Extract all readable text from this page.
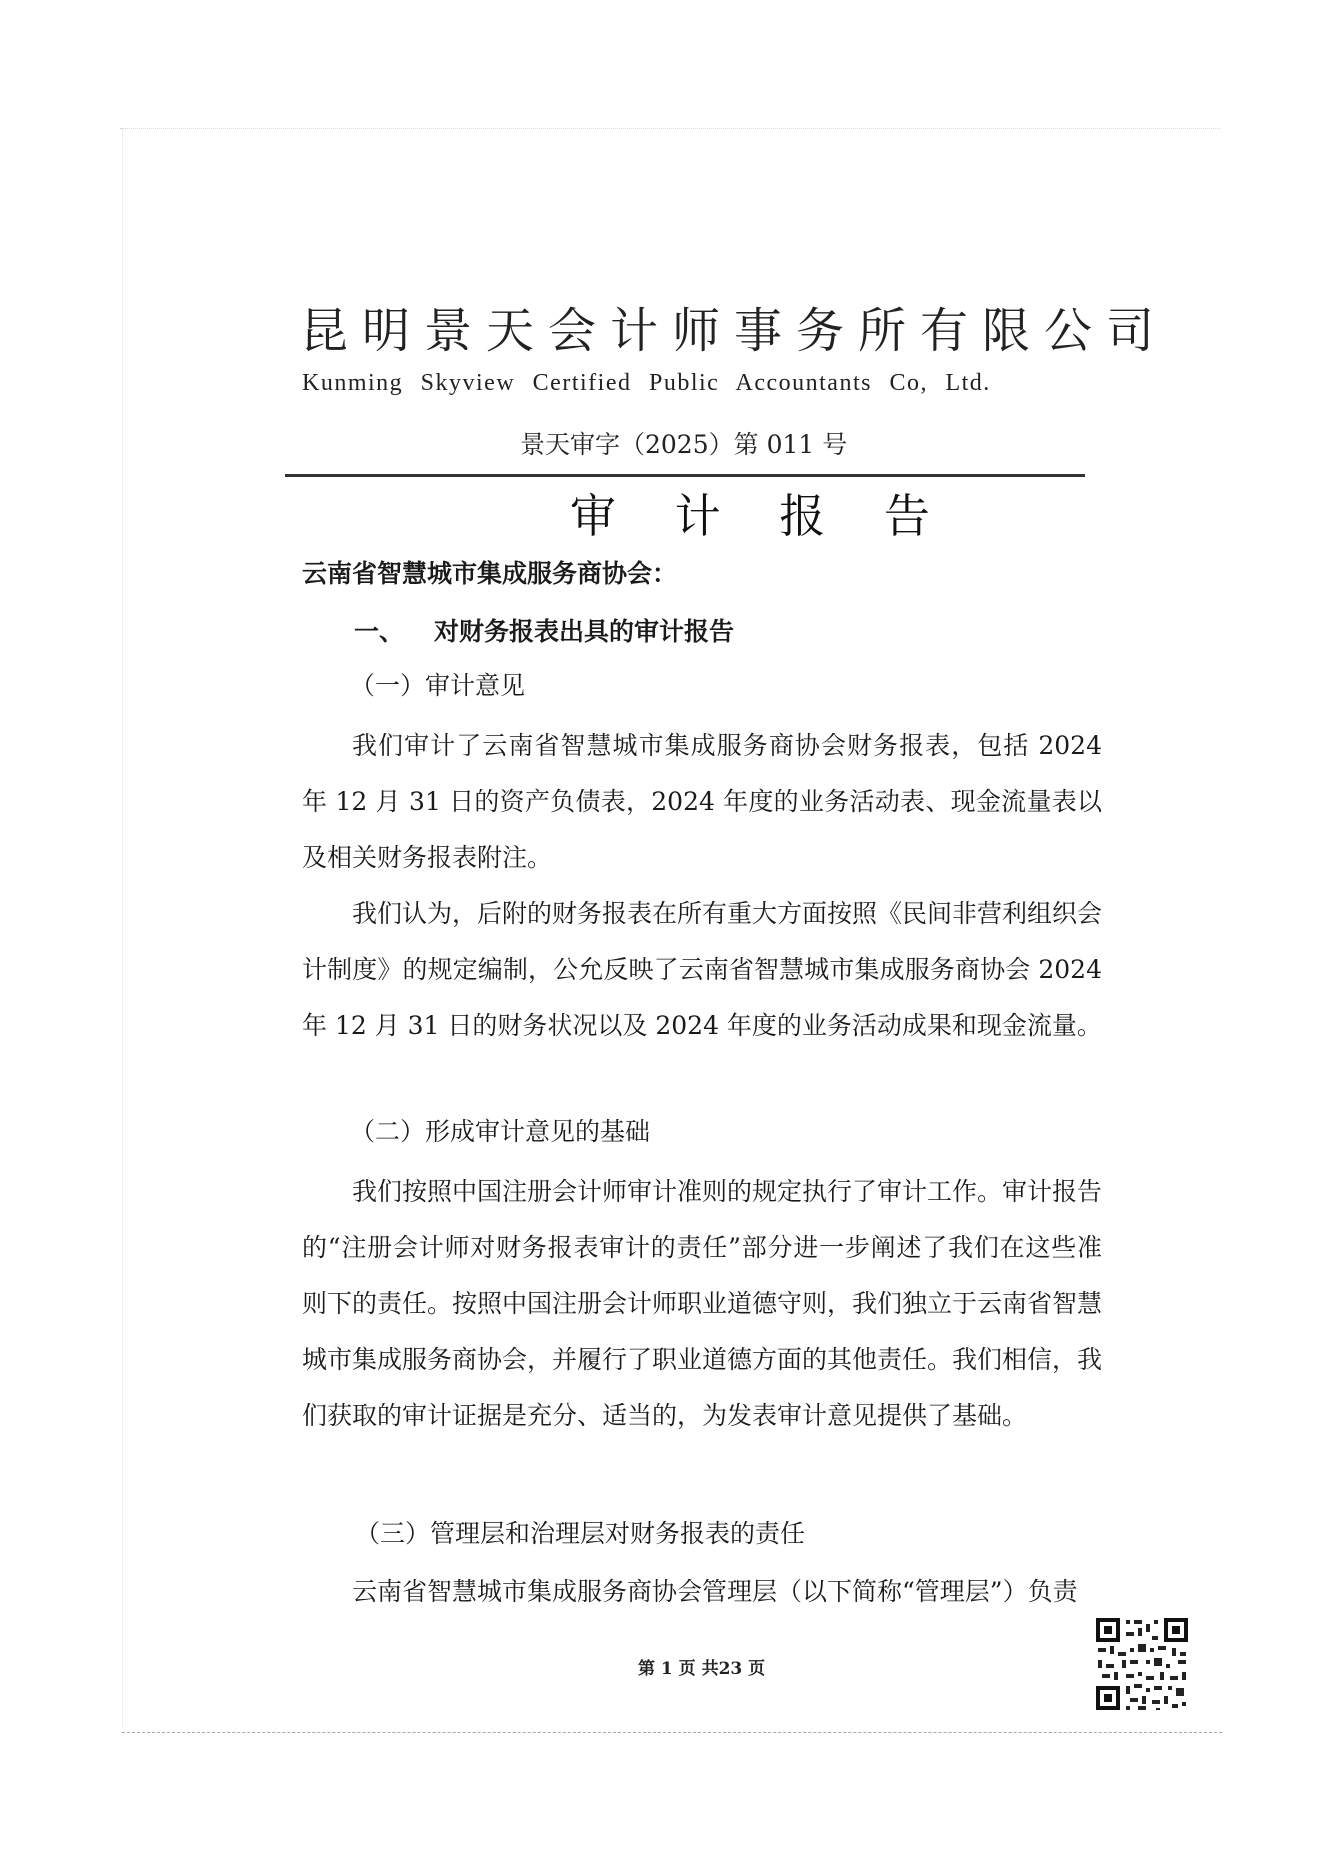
昆明景天会计师事务所有限公司
Kunming Skyview Certified Public Accountants Co, Ltd.
景天审字（2025）第 011 号
审 计 报 告
云南省智慧城市集成服务商协会：
一、 对财务报表出具的审计报告
（一）审计意见

我们审计了云南省智慧城市集成服务商协会财务报表，包括 2024 年 12 月 31 日的资产负债表，2024 年度的业务活动表、现金流量表以及相关财务报表附注。

我们认为，后附的财务报表在所有重大方面按照《民间非营利组织会计制度》的规定编制，公允反映了云南省智慧城市集成服务商协会 2024 年 12 月 31 日的财务状况以及 2024 年度的业务活动成果和现金流量。

（二）形成审计意见的基础

我们按照中国注册会计师审计准则的规定执行了审计工作。审计报告的“注册会计师对财务报表审计的责任”部分进一步阐述了我们在这些准则下的责任。按照中国注册会计师职业道德守则，我们独立于云南省智慧城市集成服务商协会，并履行了职业道德方面的其他责任。我们相信，我们获取的审计证据是充分、适当的，为发表审计意见提供了基础。

（三）管理层和治理层对财务报表的责任

云南省智慧城市集成服务商协会管理层（以下简称“管理层”）负责

第 1 页 共23 页
